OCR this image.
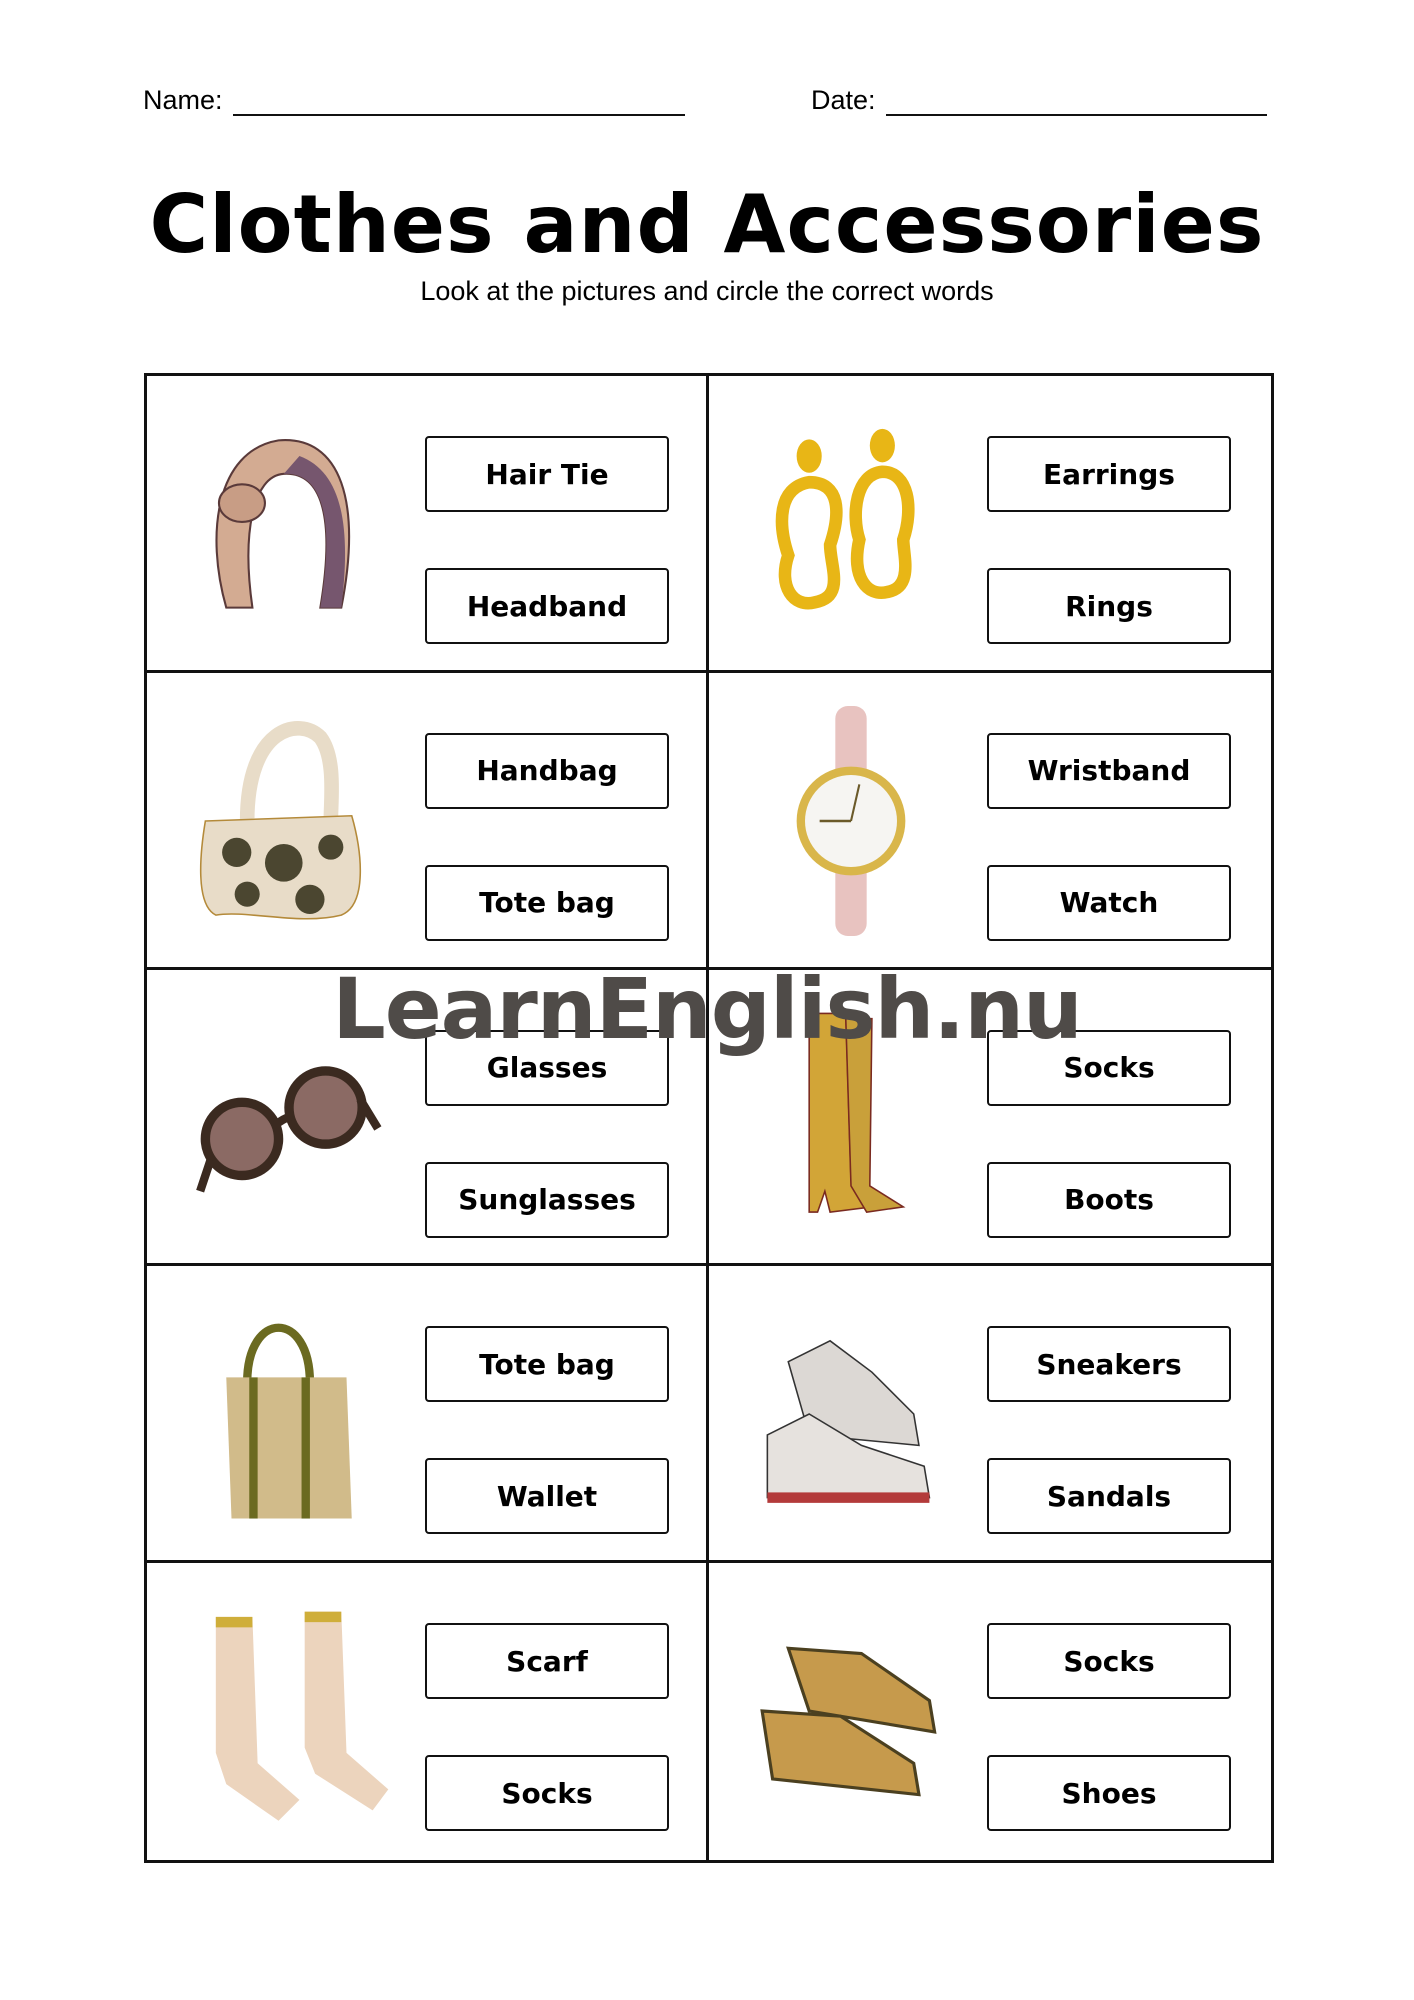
Name:	Date:
Clothes and Accessories
Look at the pictures and circle the correct words
Hair Tie
Headband
Earrings
Rings
Handbag
Tote bag
Wristband
Watch
Glasses
Sunglasses
Socks
Boots
Tote bag
Wallet
Sneakers
Sandals
Scarf
Socks
Socks
Shoes
LearnEnglish.nu
